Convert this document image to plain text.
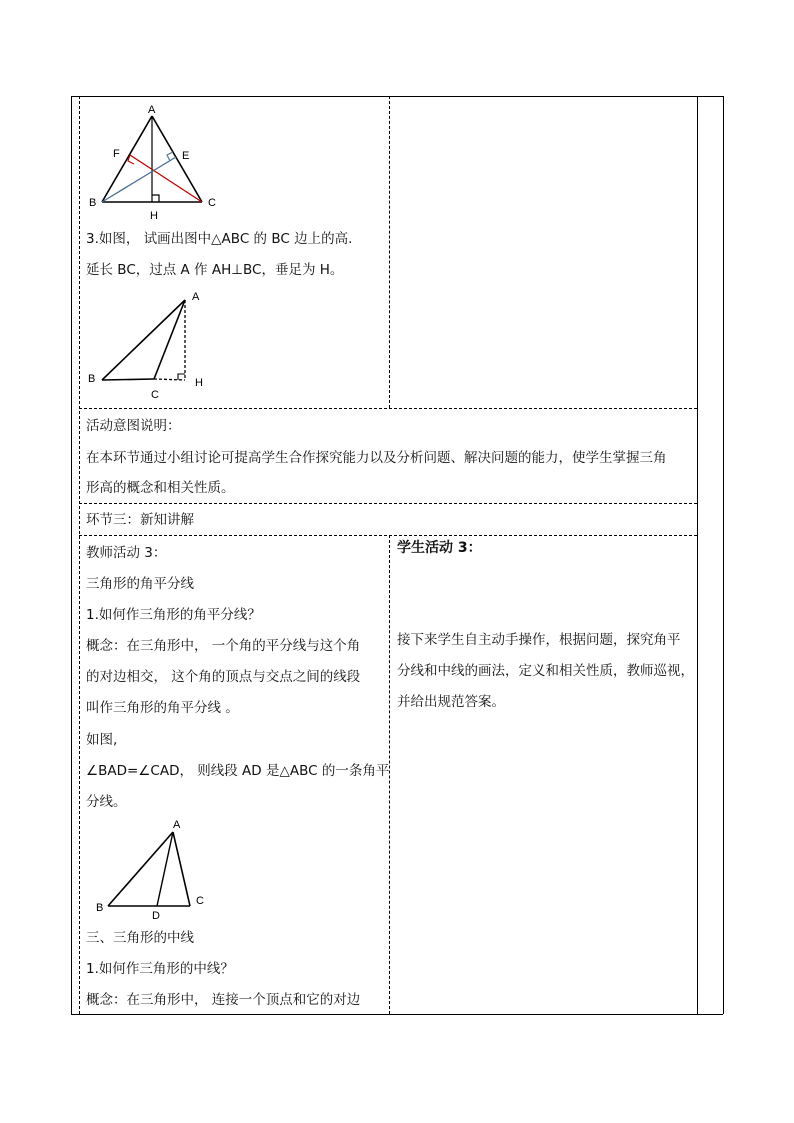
A
F	E
B	C
H
3.如图， 试画出图中△ABC 的 BC 边上的高.
延长 BC，过点 A 作 AH⊥BC，垂足为 H。
A
B
C
H
活动意图说明：
在本环节通过小组讨论可提高学生合作探究能力以及分析问题、解决问题的能力，使学生掌握三角
形高的概念和相关性质。
环节三：新知讲解
教师活动 3：
三角形的角平分线
1.如何作三角形的角平分线？
概念：在三角形中， 一个角的平分线与这个角
的对边相交， 这个角的顶点与交点之间的线段
叫作三角形的角平分线 。
如图,
∠BAD=∠CAD， 则线段 AD 是△ABC 的一条角平
分线。
A
B
C
D
三、三角形的中线
1.如何作三角形的中线？
概念：在三角形中， 连接一个顶点和它的对边
学生活动 3：
接下来学生自主动手操作，根据问题，探究角平
分线和中线的画法，定义和相关性质，教师巡视，
并给出规范答案。
